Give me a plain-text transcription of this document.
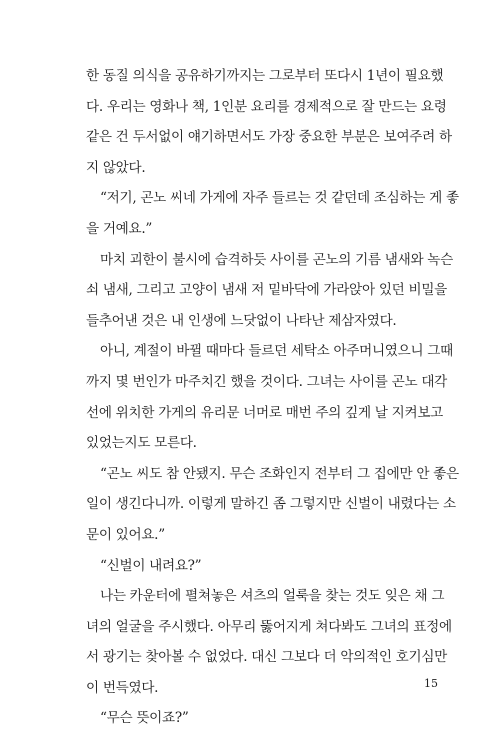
한 동질 의식을 공유하기까지는 그로부터 또다시 1년이 필요했
다. 우리는 영화나 책, 1인분 요리를 경제적으로 잘 만드는 요령
같은 건 두서없이 얘기하면서도 가장 중요한 부분은 보여주려 하
지 않았다.
“저기, 곤노 씨네 가게에 자주 들르는 것 같던데 조심하는 게 좋
을 거예요.”
마치 괴한이 불시에 습격하듯 사이를 곤노의 기름 냄새와 녹슨
쇠 냄새, 그리고 고양이 냄새 저 밑바닥에 가라앉아 있던 비밀을
들추어낸 것은 내 인생에 느닷없이 나타난 제삼자였다.
아니, 계절이 바뀔 때마다 들르던 세탁소 아주머니였으니 그때
까지 몇 번인가 마주치긴 했을 것이다. 그녀는 사이를 곤노 대각
선에 위치한 가게의 유리문 너머로 매번 주의 깊게 날 지켜보고
있었는지도 모른다.
“곤노 씨도 참 안됐지. 무슨 조화인지 전부터 그 집에만 안 좋은
일이 생긴다니까. 이렇게 말하긴 좀 그렇지만 신벌이 내렸다는 소
문이 있어요.”
“신벌이 내려요?”
나는 카운터에 펼쳐놓은 셔츠의 얼룩을 찾는 것도 잊은 채 그
녀의 얼굴을 주시했다. 아무리 뚫어지게 쳐다봐도 그녀의 표정에
서 광기는 찾아볼 수 없었다. 대신 그보다 더 악의적인 호기심만
이 번득였다.
“무슨 뜻이죠?”
15
